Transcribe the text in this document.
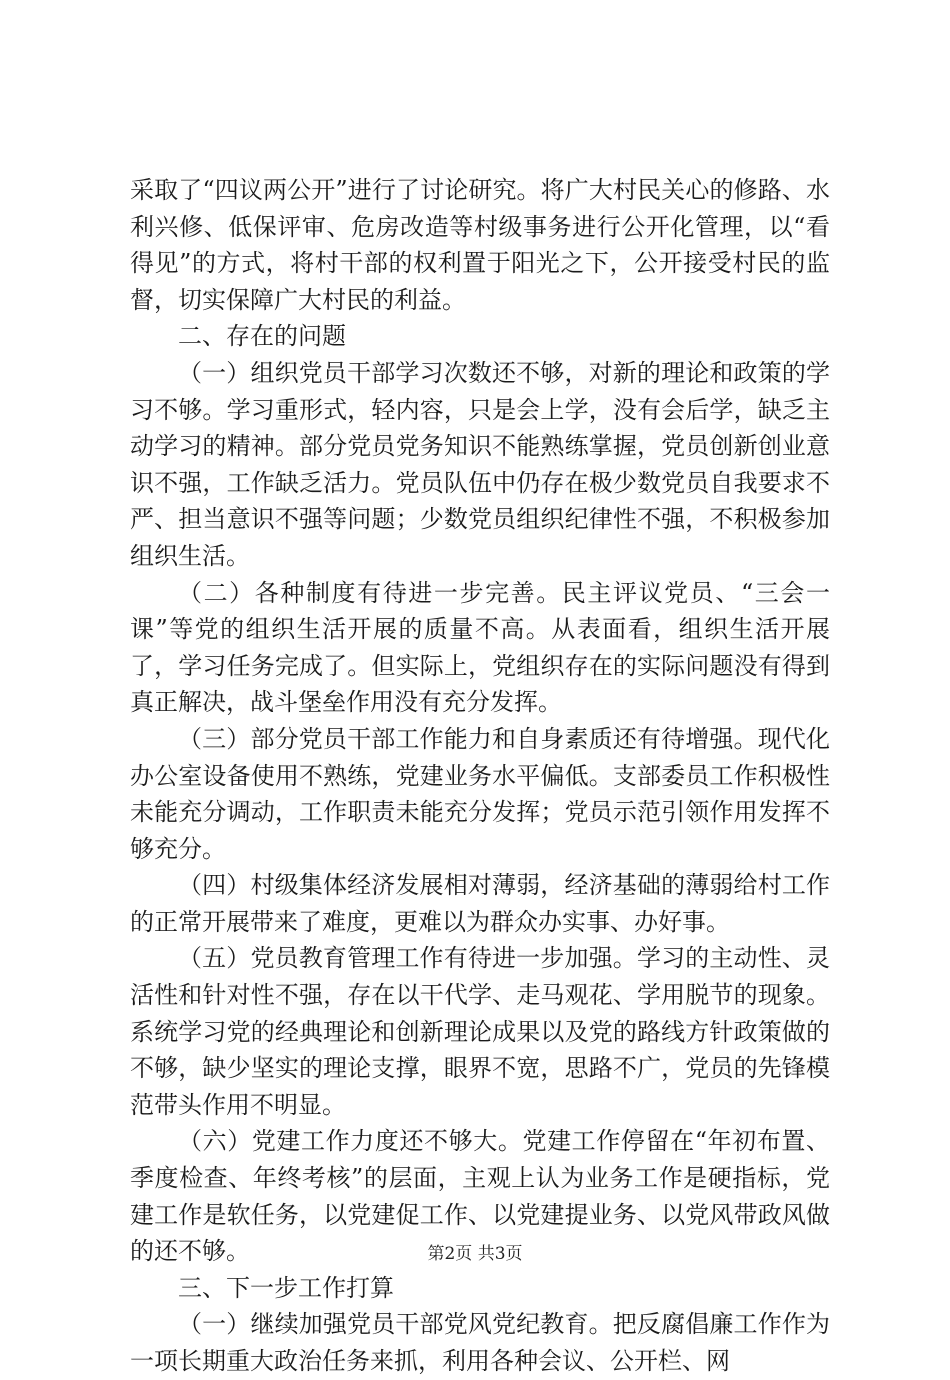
采取了“四议两公开”进行了讨论研究。将广大村民关心的修路、水利兴修、低保评审、危房改造等村级事务进行公开化管理，以“看得见”的方式，将村干部的权利置于阳光之下，公开接受村民的监督，切实保障广大村民的利益。

二、存在的问题

（一）组织党员干部学习次数还不够，对新的理论和政策的学习不够。学习重形式，轻内容，只是会上学，没有会后学，缺乏主动学习的精神。部分党员党务知识不能熟练掌握，党员创新创业意识不强，工作缺乏活力。党员队伍中仍存在极少数党员自我要求不严、担当意识不强等问题；少数党员组织纪律性不强，不积极参加组织生活。

（二）各种制度有待进一步完善。民主评议党员、“三会一课”等党的组织生活开展的质量不高。从表面看，组织生活开展了，学习任务完成了。但实际上，党组织存在的实际问题没有得到真正解决，战斗堡垒作用没有充分发挥。

（三）部分党员干部工作能力和自身素质还有待增强。现代化办公室设备使用不熟练，党建业务水平偏低。支部委员工作积极性未能充分调动，工作职责未能充分发挥；党员示范引领作用发挥不够充分。

（四）村级集体经济发展相对薄弱，经济基础的薄弱给村工作的正常开展带来了难度，更难以为群众办实事、办好事。

（五）党员教育管理工作有待进一步加强。学习的主动性、灵活性和针对性不强，存在以干代学、走马观花、学用脱节的现象。系统学习党的经典理论和创新理论成果以及党的路线方针政策做的不够，缺少坚实的理论支撑，眼界不宽，思路不广，党员的先锋模范带头作用不明显。

（六）党建工作力度还不够大。党建工作停留在“年初布置、季度检查、年终考核”的层面，主观上认为业务工作是硬指标，党建工作是软任务，以党建促工作、以党建提业务、以党风带政风做的还不够。

三、下一步工作打算

（一）继续加强党员干部党风党纪教育。把反腐倡廉工作作为一项长期重大政治任务来抓，利用各种会议、公开栏、网

第2页 共3页
